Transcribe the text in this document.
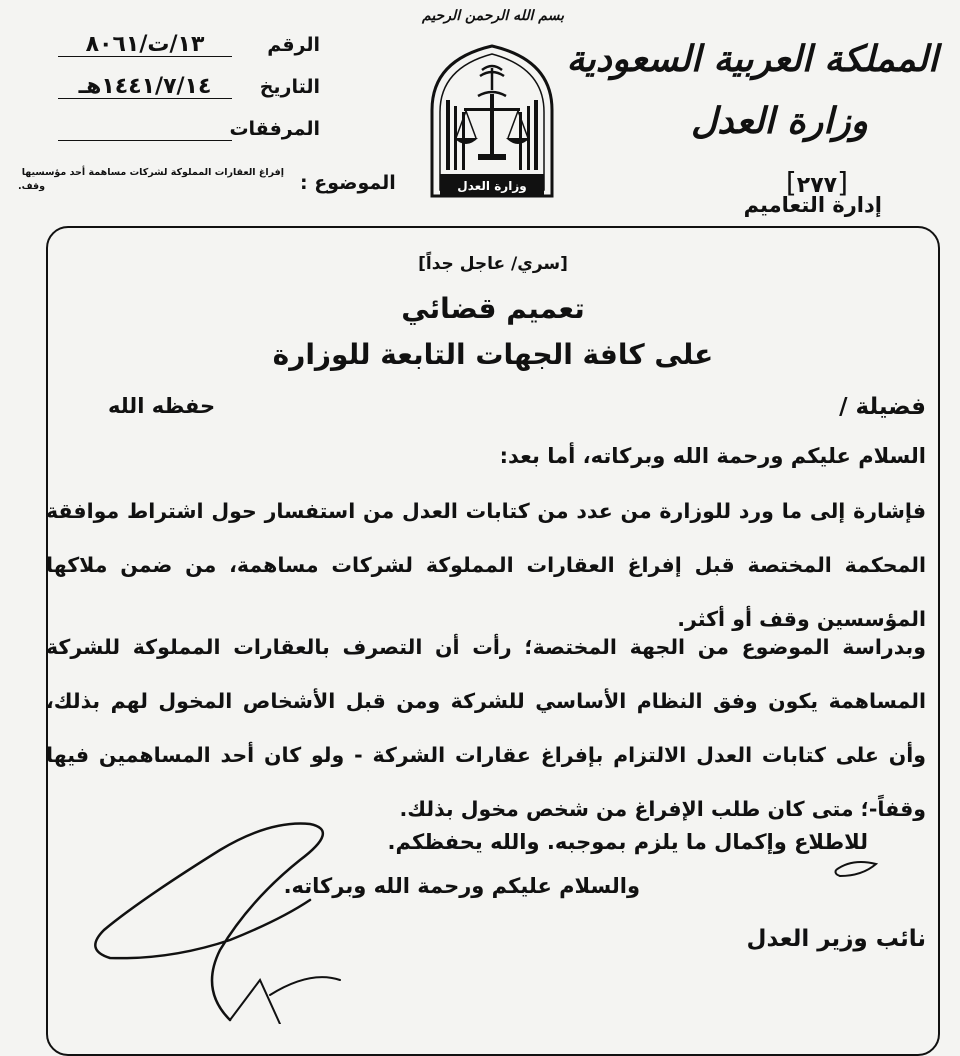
المملكة العربية السعودية
وزارة العدل
[٢٧٧]
إدارة التعاميم
بسم الله الرحمن الرحيم
وزارة العدل
الرقم
١٣/ت/٨٠٦١
التاريخ
١٤٤١/٧/١٤هـ
المرفقات
الموضوع :
إفراغ العقارات المملوكة لشركات مساهمة أحد مؤسسيها
وقف.
[سري/ عاجل جداً]
تعميم قضائي
على كافة الجهات التابعة للوزارة
فضيلة /
حفظه الله
السلام عليكم ورحمة الله وبركاته، أما بعد:
فإشارة إلى ما ورد للوزارة من عدد من كتابات العدل من استفسار حول اشتراط موافقة المحكمة المختصة قبل إفراغ العقارات المملوكة لشركات مساهمة، من ضمن ملاكها المؤسسين وقف أو أكثر.
وبدراسة الموضوع من الجهة المختصة؛ رأت أن التصرف بالعقارات المملوكة للشركة المساهمة يكون وفق النظام الأساسي للشركة ومن قبل الأشخاص المخول لهم بذلك، وأن على كتابات العدل الالتزام بإفراغ عقارات الشركة - ولو كان أحد المساهمين فيها وقفاً-؛ متى كان طلب الإفراغ من شخص مخول بذلك.
للاطلاع وإكمال ما يلزم بموجبه. والله يحفظكم.
والسلام عليكم ورحمة الله وبركاته.
نائب وزير العدل
